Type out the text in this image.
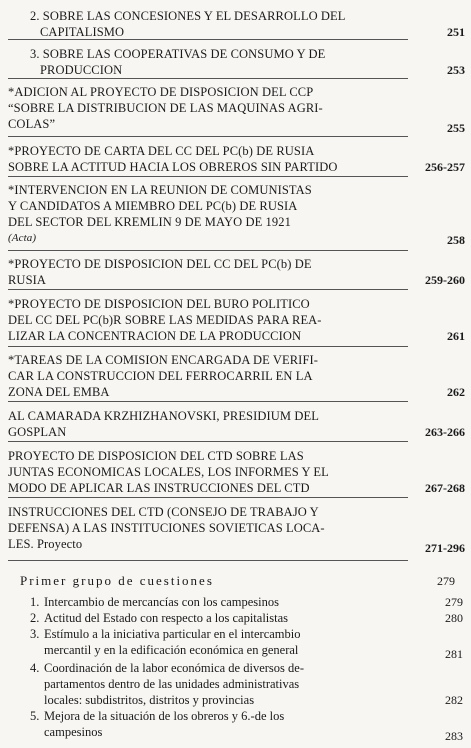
2. SOBRE LAS CONCESIONES Y EL DESARROLLO DEL
CAPITALISMO	251
3. SOBRE LAS COOPERATIVAS DE CONSUMO Y DE
PRODUCCION	253
*ADICION AL PROYECTO DE DISPOSICION DEL CCP
“SOBRE LA DISTRIBUCION DE LAS MAQUINAS AGRI-
COLAS”	255
*PROYECTO DE CARTA DEL CC DEL PC(b) DE RUSIA
SOBRE LA ACTITUD HACIA LOS OBREROS SIN PARTIDO	256-257
*INTERVENCION EN LA REUNION DE COMUNISTAS
Y CANDIDATOS A MIEMBRO DEL PC(b) DE RUSIA
DEL SECTOR DEL KREMLIN 9 DE MAYO DE 1921
(Acta)	258
*PROYECTO DE DISPOSICION DEL CC DEL PC(b) DE
RUSIA	259-260
*PROYECTO DE DISPOSICION DEL BURO POLITICO
DEL CC DEL PC(b)R SOBRE LAS MEDIDAS PARA REA-
LIZAR LA CONCENTRACION DE LA PRODUCCION	261
*TAREAS DE LA COMISION ENCARGADA DE VERIFI-
CAR LA CONSTRUCCION DEL FERROCARRIL EN LA
ZONA DEL EMBA	262
AL CAMARADA KRZHIZHANOVSKI, PRESIDIUM DEL
GOSPLAN	263-266
PROYECTO DE DISPOSICION DEL CTD SOBRE LAS
JUNTAS ECONOMICAS LOCALES, LOS INFORMES Y EL
MODO DE APLICAR LAS INSTRUCCIONES DEL CTD	267-268
INSTRUCCIONES DEL CTD (CONSEJO DE TRABAJO Y
DEFENSA) A LAS INSTITUCIONES SOVIETICAS LOCA-
LES. Proyecto	271-296
Primer grupo de cuestiones	279
1. Intercambio de mercancías con los campesinos	279
2. Actitud del Estado con respecto a los capitalistas	280
3. Estímulo a la iniciativa particular en el intercambio
mercantil y en la edificación económica en general	281
4. Coordinación de la labor económica de diversos de-
partamentos dentro de las unidades administrativas
locales: subdistritos, distritos y provincias	282
5. Mejora de la situación de los obreros y 6.-de los
campesinos	283
